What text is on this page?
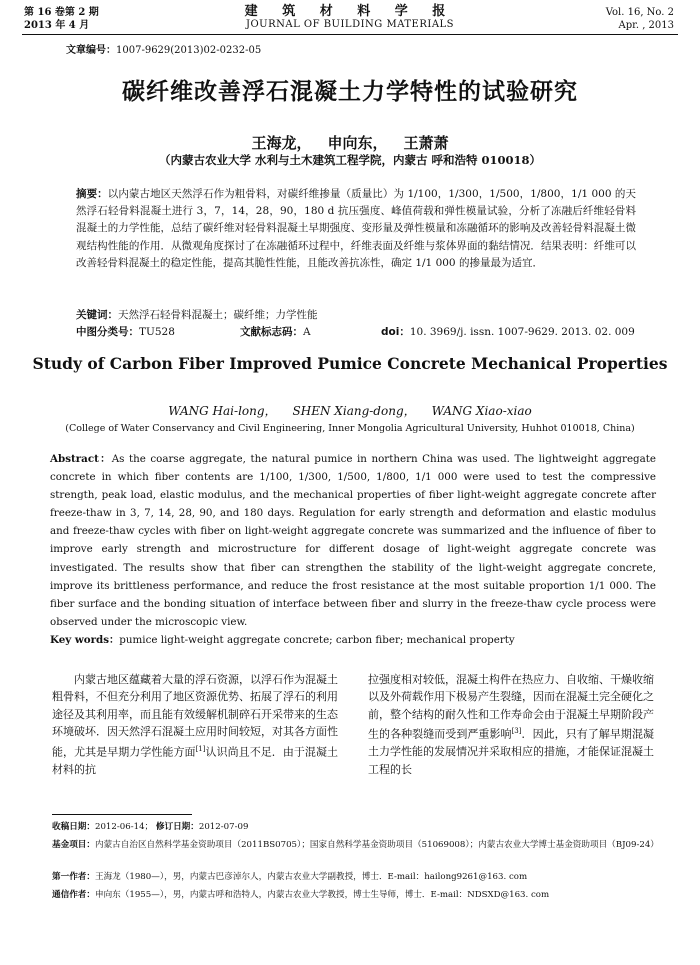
第 16 卷第 2 期
2013 年 4 月
建 筑 材 料 学 报
JOURNAL OF BUILDING MATERIALS
Vol. 16, No. 2
Apr. , 2013
文章编号：1007-9629(2013)02-0232-05
碳纤维改善浮石混凝土力学特性的试验研究
王海龙， 申向东， 王萧萧
（内蒙古农业大学 水利与土木建筑工程学院，内蒙古 呼和浩特 010018）

摘要：以内蒙古地区天然浮石作为粗骨料，对碳纤维掺量（质量比）为 1/100，1/300，1/500，1/800，1/1 000 的天然浮石轻骨料混凝土进行 3，7，14，28，90，180 d 抗压强度、峰值荷载和弹性模量试验，分析了冻融后纤维轻骨料混凝土的力学性能，总结了碳纤维对轻骨料混凝土早期强度、变形量及弹性模量和冻融循环的影响及改善轻骨料混凝土微观结构性能的作用．从微观角度探讨了在冻融循环过程中，纤维表面及纤维与浆体界面的黏结情况．结果表明：纤维可以改善轻骨料混凝土的稳定性能，提高其脆性性能，且能改善抗冻性，确定 1/1 000 的掺量最为适宜．

关键词：天然浮石轻骨料混凝土；碳纤维；力学性能
中图分类号：TU528	文献标志码：A	doi：10. 3969/j. issn. 1007-9629. 2013. 02. 009
Study of Carbon Fiber Improved Pumice Concrete Mechanical Properties
WANG Hai-long， SHEN Xiang-dong， WANG Xiao-xiao
(College of Water Conservancy and Civil Engineering, Inner Mongolia Agricultural University, Huhhot 010018, China)

Abstract：As the coarse aggregate, the natural pumice in northern China was used. The lightweight aggregate concrete in which fiber contents are 1/100, 1/300, 1/500, 1/800, 1/1 000 were used to test the compressive strength, peak load, elastic modulus, and the mechanical properties of fiber light-weight aggregate concrete after freeze-thaw in 3, 7, 14, 28, 90, and 180 days. Regulation for early strength and deformation and elastic modulus and freeze-thaw cycles with fiber on light-weight aggregate concrete was summarized and the influence of fiber to improve early strength and microstructure for different dosage of light-weight aggregate concrete was investigated. The results show that fiber can strengthen the stability of the light-weight aggregate concrete, improve its brittleness performance, and reduce the frost resistance at the most suitable proportion 1/1 000. The fiber surface and the bonding situation of interface between fiber and slurry in the freeze-thaw cycle process were observed under the microscopic view.

Key words：pumice light-weight aggregate concrete; carbon fiber; mechanical property

内蒙古地区蕴藏着大量的浮石资源，以浮石作为混凝土粗骨料，不但充分利用了地区资源优势、拓展了浮石的利用途径及其利用率，而且能有效缓解机制碎石开采带来的生态环境破坏．因天然浮石混凝土应用时间较短，对其各方面性能，尤其是早期力学性能方面[1]认识尚且不足．由于混凝土材料的抗

拉强度相对较低，混凝土构件在热应力、自收缩、干燥收缩以及外荷载作用下极易产生裂缝，因而在混凝土完全硬化之前，整个结构的耐久性和工作寿命会由于混凝土早期阶段产生的各种裂缝而受到严重影响[3]．因此，只有了解早期混凝土力学性能的发展情况并采取相应的措施，才能保证混凝土工程的长

收稿日期：2012-06-14； 修订日期：2012-07-09
基金项目：内蒙古自治区自然科学基金资助项目（2011BS0705）；国家自然科学基金资助项目（51069008）；内蒙古农业大学博士基金资助项目（BJ09-24）
第一作者：王海龙（1980—），男，内蒙古巴彦淖尔人，内蒙古农业大学副教授，博士．E-mail：hailong9261@163. com
通信作者：申向东（1955—），男，内蒙古呼和浩特人，内蒙古农业大学教授，博士生导师，博士．E-mail：NDSXD@163. com
